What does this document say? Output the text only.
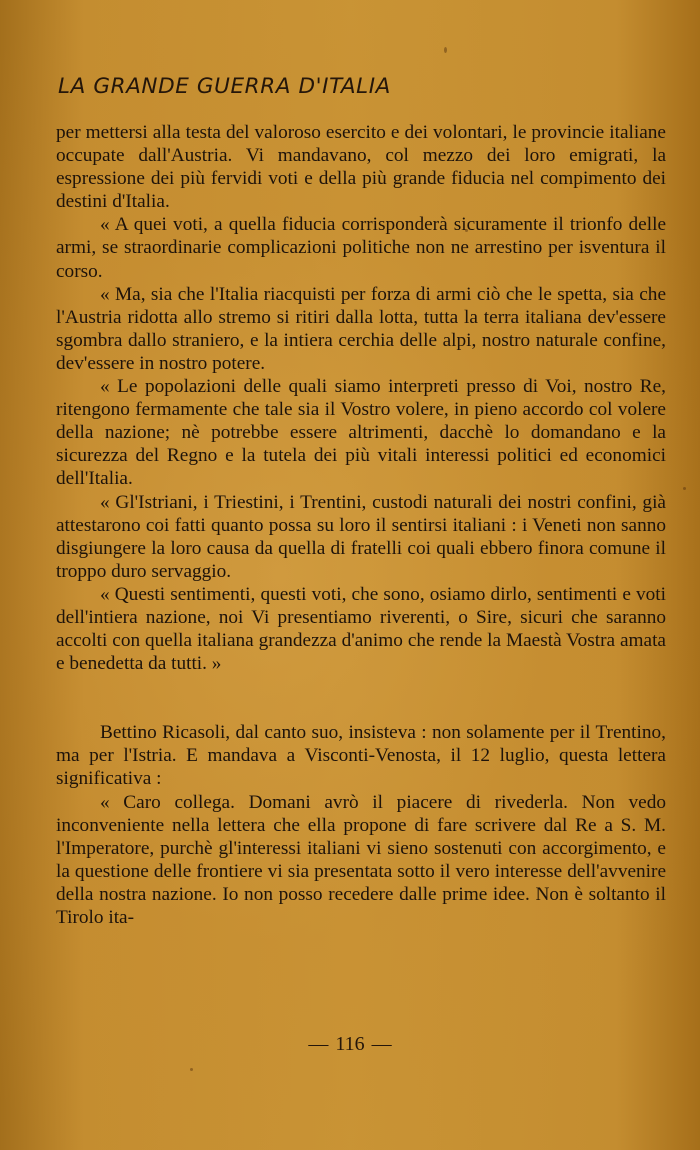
LA GRANDE GUERRA D'ITALIA

per mettersi alla testa del valoroso esercito e dei volontari, le provincie italiane occupate dall'Austria. Vi mandavano, col mezzo dei loro emigrati, la espressione dei più fervidi voti e della più grande fiducia nel compimento dei destini d'Italia.

« A quei voti, a quella fiducia corrisponderà sicuramente il trionfo delle armi, se straordinarie complicazioni politiche non ne arrestino per isventura il corso.

« Ma, sia che l'Italia riacquisti per forza di armi ciò che le spetta, sia che l'Austria ridotta allo stremo si ritiri dalla lotta, tutta la terra italiana dev'essere sgombra dallo straniero, e la intiera cerchia delle alpi, nostro naturale confine, dev'essere in nostro potere.

« Le popolazioni delle quali siamo interpreti presso di Voi, nostro Re, ritengono fermamente che tale sia il Vostro volere, in pieno accordo col volere della nazione; nè potrebbe essere altrimenti, dacchè lo domandano e la sicurezza del Regno e la tutela dei più vitali interessi politici ed economici dell'Italia.

« Gl'Istriani, i Triestini, i Trentini, custodi naturali dei nostri confini, già attestarono coi fatti quanto possa su loro il sentirsi italiani : i Veneti non sanno disgiungere la loro causa da quella di fratelli coi quali ebbero finora comune il troppo duro servaggio.

« Questi sentimenti, questi voti, che sono, osiamo dirlo, sentimenti e voti dell'intiera nazione, noi Vi presentiamo riverenti, o Sire, sicuri che saranno accolti con quella italiana grandezza d'animo che rende la Maestà Vostra amata e benedetta da tutti. »

Bettino Ricasoli, dal canto suo, insisteva : non solamente per il Trentino, ma per l'Istria. E mandava a Visconti-Venosta, il 12 luglio, questa lettera significativa :

« Caro collega. Domani avrò il piacere di rivederla. Non vedo inconveniente nella lettera che ella propone di fare scrivere dal Re a S. M. l'Imperatore, purchè gl'interessi italiani vi sieno sostenuti con accorgimento, e la questione delle frontiere vi sia presentata sotto il vero interesse dell'avvenire della nostra nazione. Io non posso recedere dalle prime idee. Non è soltanto il Tirolo ita-

— 116 —
